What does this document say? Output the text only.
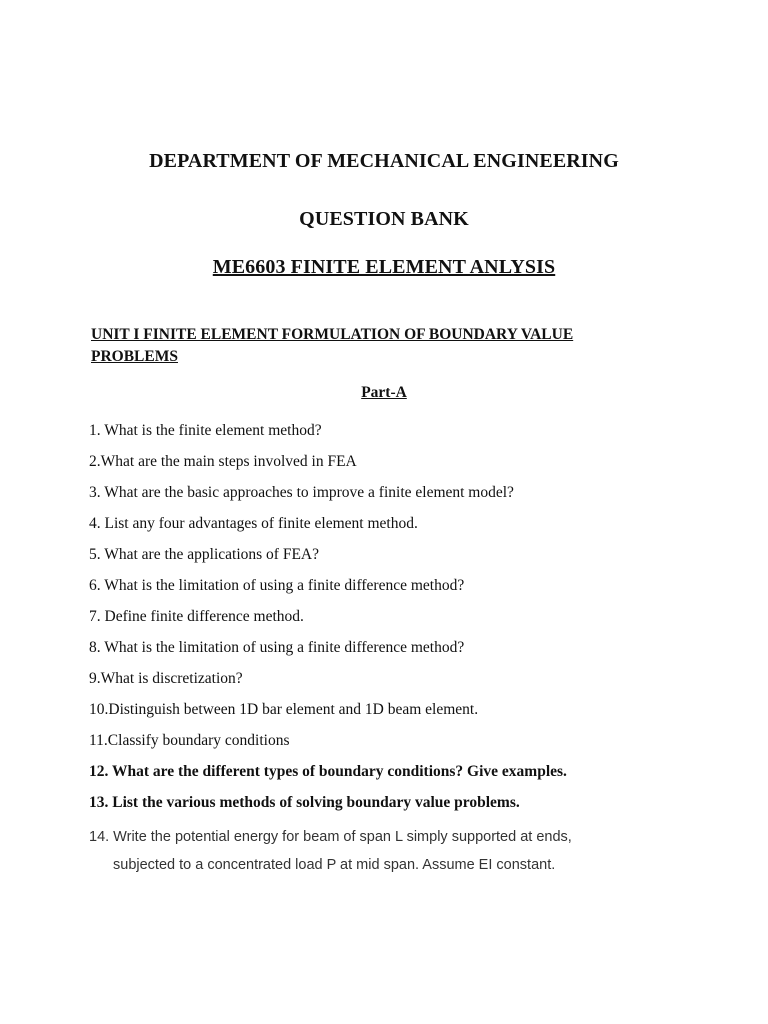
DEPARTMENT OF MECHANICAL ENGINEERING
QUESTION BANK
ME6603 FINITE ELEMENT ANLYSIS
UNIT I FINITE ELEMENT FORMULATION OF BOUNDARY VALUE PROBLEMS
Part-A
1. What is the finite element method?
2.What are the main steps involved in FEA
3. What are the basic approaches to improve a finite element model?
4. List any four advantages of finite element method.
5. What are the applications of FEA?
6. What is the limitation of using a finite difference method?
7. Define finite difference method.
8. What is the limitation of using a finite difference method?
9.What is discretization?
10.Distinguish between 1D bar element and 1D beam element.
11.Classify boundary conditions
12. What are the different types of boundary conditions? Give examples.
13. List the various methods of solving boundary value problems.
14. Write the potential energy for beam of span L simply supported at ends,
subjected to a concentrated load P at mid span. Assume EI constant.
